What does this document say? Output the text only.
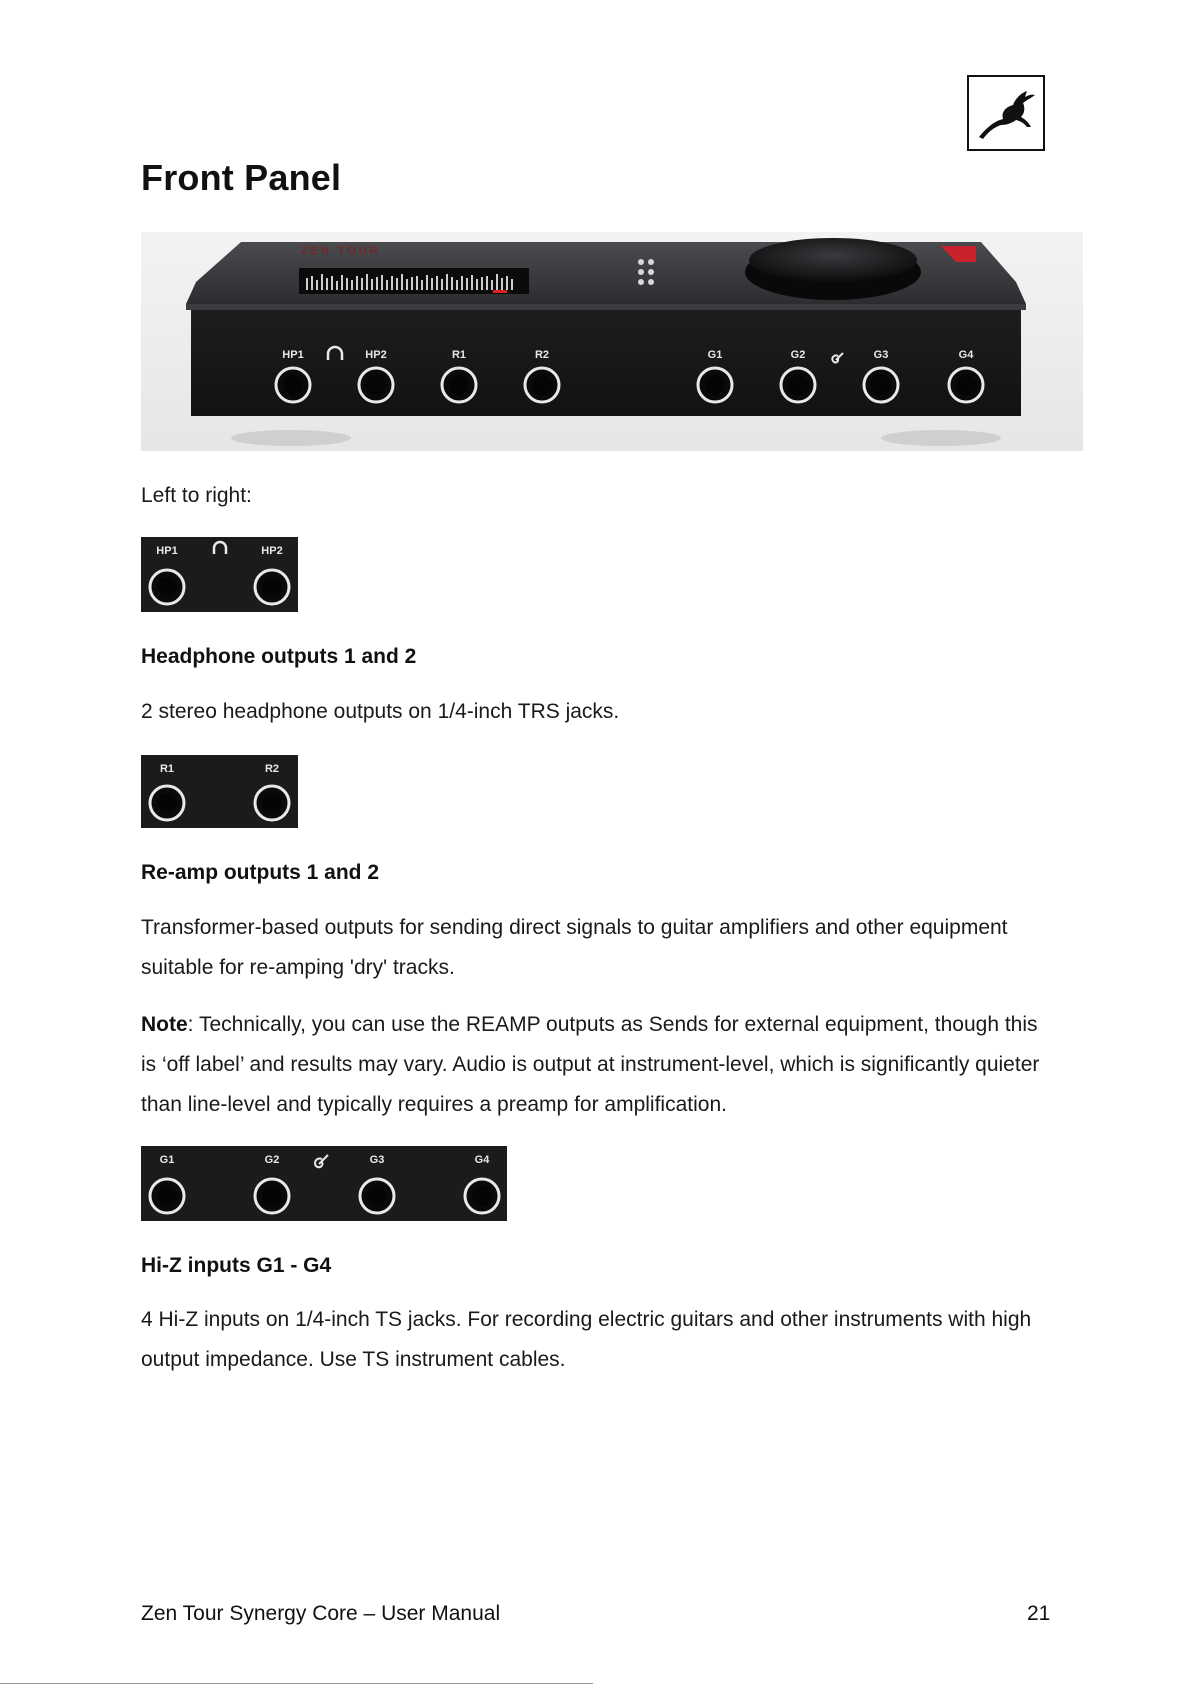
Front Panel
ZEN TOUR
HP1	HP2	R1	R2	G1	G2	G3	G4
Left to right:
HP1	HP2
Headphone outputs 1 and 2
2 stereo headphone outputs on 1/4-inch TRS jacks.
R1	R2
Re-amp outputs 1 and 2
Transformer-based outputs for sending direct signals to guitar amplifiers and other equipment suitable for re-amping 'dry' tracks.
Note: Technically, you can use the REAMP outputs as Sends for external equipment, though this is ‘off label’ and results may vary. Audio is output at instrument-level, which is significantly quieter than line-level and typically requires a preamp for amplification.
G1	G2	G3	G4
Hi-Z inputs G1 - G4
4 Hi-Z inputs on 1/4-inch TS jacks. For recording electric guitars and other instruments with high output impedance. Use TS instrument cables.
Zen Tour Synergy Core – User Manual	21
